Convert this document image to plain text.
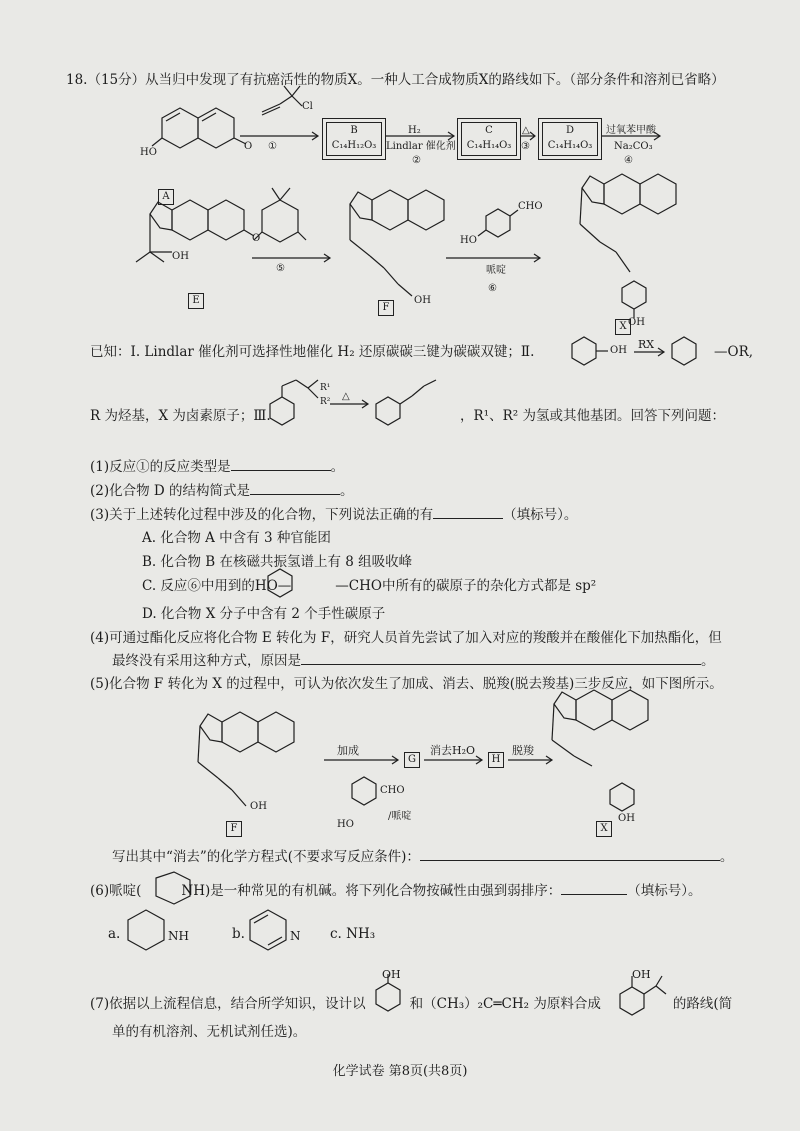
18.（15分）从当归中发现了有抗癌活性的物质X。一种人工合成物质X的路线如下。（部分条件和溶剂已省略）
A
B
C₁₄H₁₂O₃
C
C₁₄H₁₄O₃
D
C₁₄H₁₄O₃
①
H₂
Lindlar 催化剂
②
△
③
过氧苯甲酸
Na₂CO₃
④
⑤	哌啶
⑥
E
F
X
已知：Ⅰ. Lindlar 催化剂可选择性地催化 H₂ 还原碳碳三键为碳碳双键；Ⅱ.	RX	—OR,
R 为烃基，X 为卤素原子；Ⅲ.	，R¹、R² 为氢或其他基团。回答下列问题：
(1)反应①的反应类型是	。
(2)化合物 D 的结构简式是	。
(3)关于上述转化过程中涉及的化合物，下列说法正确的有	（填标号）。
A. 化合物 A 中含有 3 种官能团
B. 化合物 B 在核磁共振氢谱上有 8 组吸收峰
C. 反应⑥中用到的HO—	—CHO中所有的碳原子的杂化方式都是 sp²
D. 化合物 X 分子中含有 2 个手性碳原子
(4)可通过酯化反应将化合物 E 转化为 F，研究人员首先尝试了加入对应的羧酸并在酸催化下加热酯化，但
最终没有采用这种方式，原因是	。
(5)化合物 F 转化为 X 的过程中，可认为依次发生了加成、消去、脱羧(脱去羧基)三步反应，如下图所示。
加成
G
消去H₂O
H
脱羧
CHO
HO
/哌啶
F	X
写出其中“消去”的化学方程式(不要求写反应条件)：	。
(6)哌啶(	NH)是一种常见的有机碱。将下列化合物按碱性由强到弱排序：	（填标号）。
a.	NH	b.	N c. NH₃
(7)依据以上流程信息，结合所学知识，设计以	和（CH₃）₂C═CH₂ 为原料合成	的路线(简
单的有机溶剂、无机试剂任选)。
OH	OH
化学试卷 第8页(共8页)
HO
O
Cl
OH
O
OH
CHO
HO
OH
OH
OH
OH
R¹
R² △
